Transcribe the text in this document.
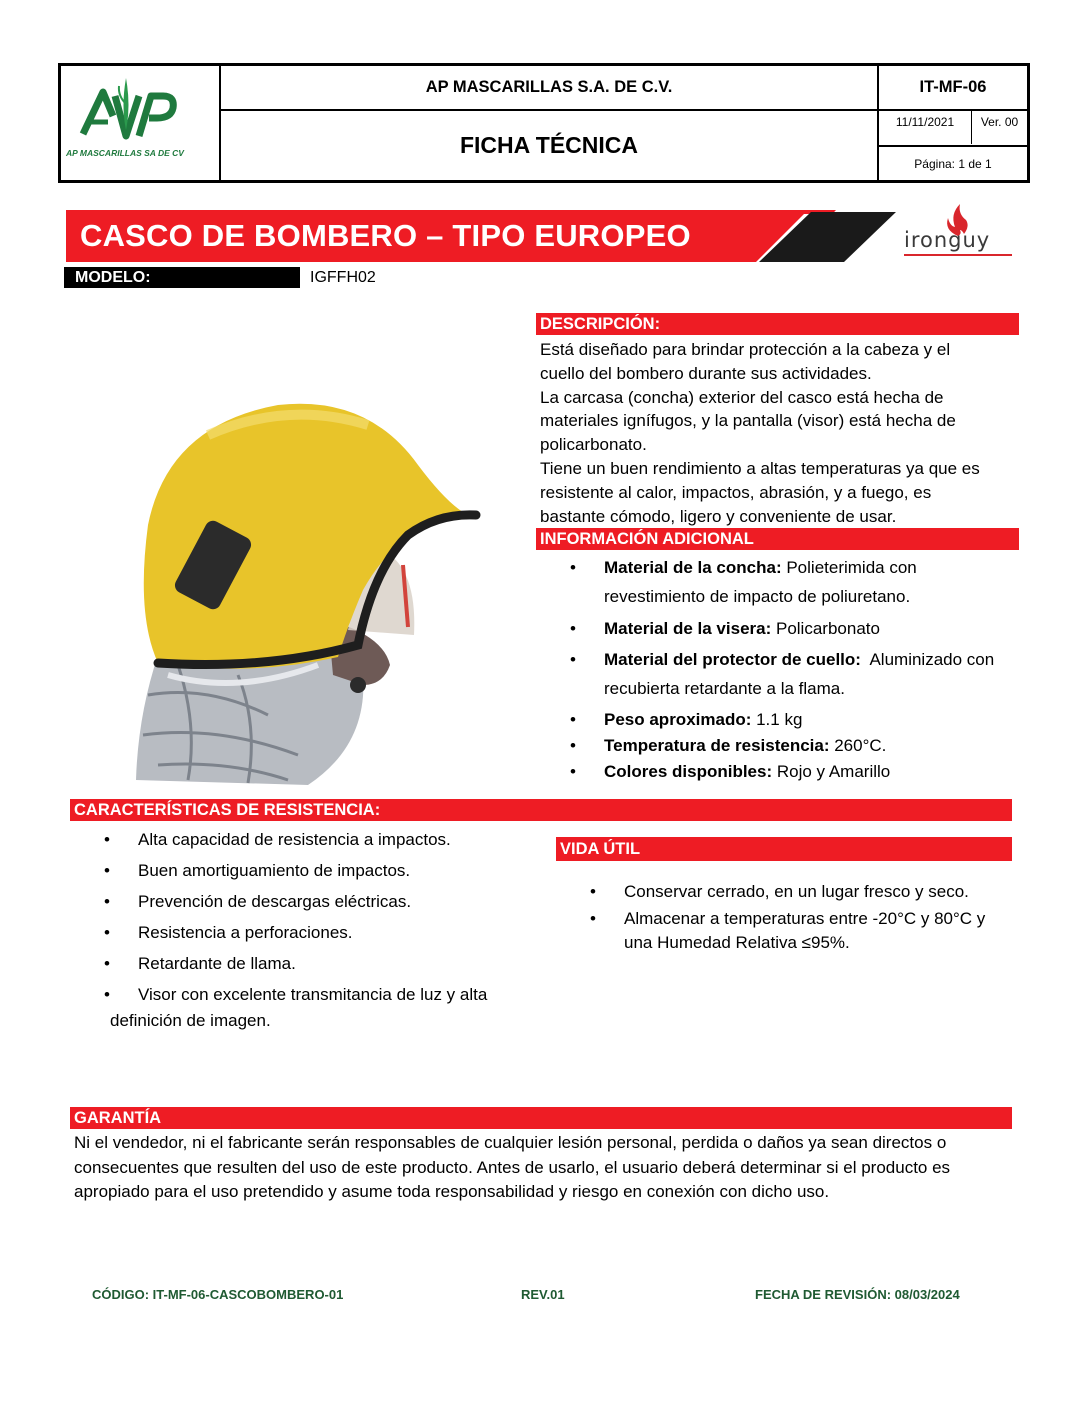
AP MASCARILLAS SA DE CV
AP MASCARILLAS S.A. DE C.V.
FICHA TÉCNICA
IT-MF-06
11/11/2021	Ver. 00
Página: 1 de 1
CASCO DE BOMBERO – TIPO EUROPEO	ironguy
MODELO:	IGFFH02
DESCRIPCIÓN:
Está diseñado para brindar protección a la cabeza y el
cuello del bombero durante sus actividades.
La carcasa (concha) exterior del casco está hecha de
materiales ignífugos, y la pantalla (visor) está hecha de
policarbonato.
Tiene un buen rendimiento a altas temperaturas ya que es
resistente al calor, impactos, abrasión, y a fuego, es
bastante cómodo, ligero y conveniente de usar.
INFORMACIÓN ADICIONAL
• Material de la concha: Polieterimida con
revestimiento de impacto de poliuretano.
• Material de la visera: Policarbonato
• Material del protector de cuello:  Aluminizado con
recubierta retardante a la flama.
• Peso aproximado: 1.1 kg
• Temperatura de resistencia: 260°C.
• Colores disponibles: Rojo y Amarillo
CARACTERÍSTICAS DE RESISTENCIA:
• Alta capacidad de resistencia a impactos.
• Buen amortiguamiento de impactos.
• Prevención de descargas eléctricas.
• Resistencia a perforaciones.
• Retardante de llama.
• Visor con excelente transmitancia de luz y alta
definición de imagen.
VIDA ÚTIL
• Conservar cerrado, en un lugar fresco y seco.
• Almacenar a temperaturas entre -20°C y 80°C y
una Humedad Relativa ≤95%.
GARANTÍA
Ni el vendedor, ni el fabricante serán responsables de cualquier lesión personal, perdida o daños ya sean directos o
consecuentes que resulten del uso de este producto. Antes de usarlo, el usuario deberá determinar si el producto es
apropiado para el uso pretendido y asume toda responsabilidad y riesgo en conexión con dicho uso.
CÓDIGO: IT-MF-06-CASCOBOMBERO-01	REV.01	FECHA DE REVISIÓN: 08/03/2024
